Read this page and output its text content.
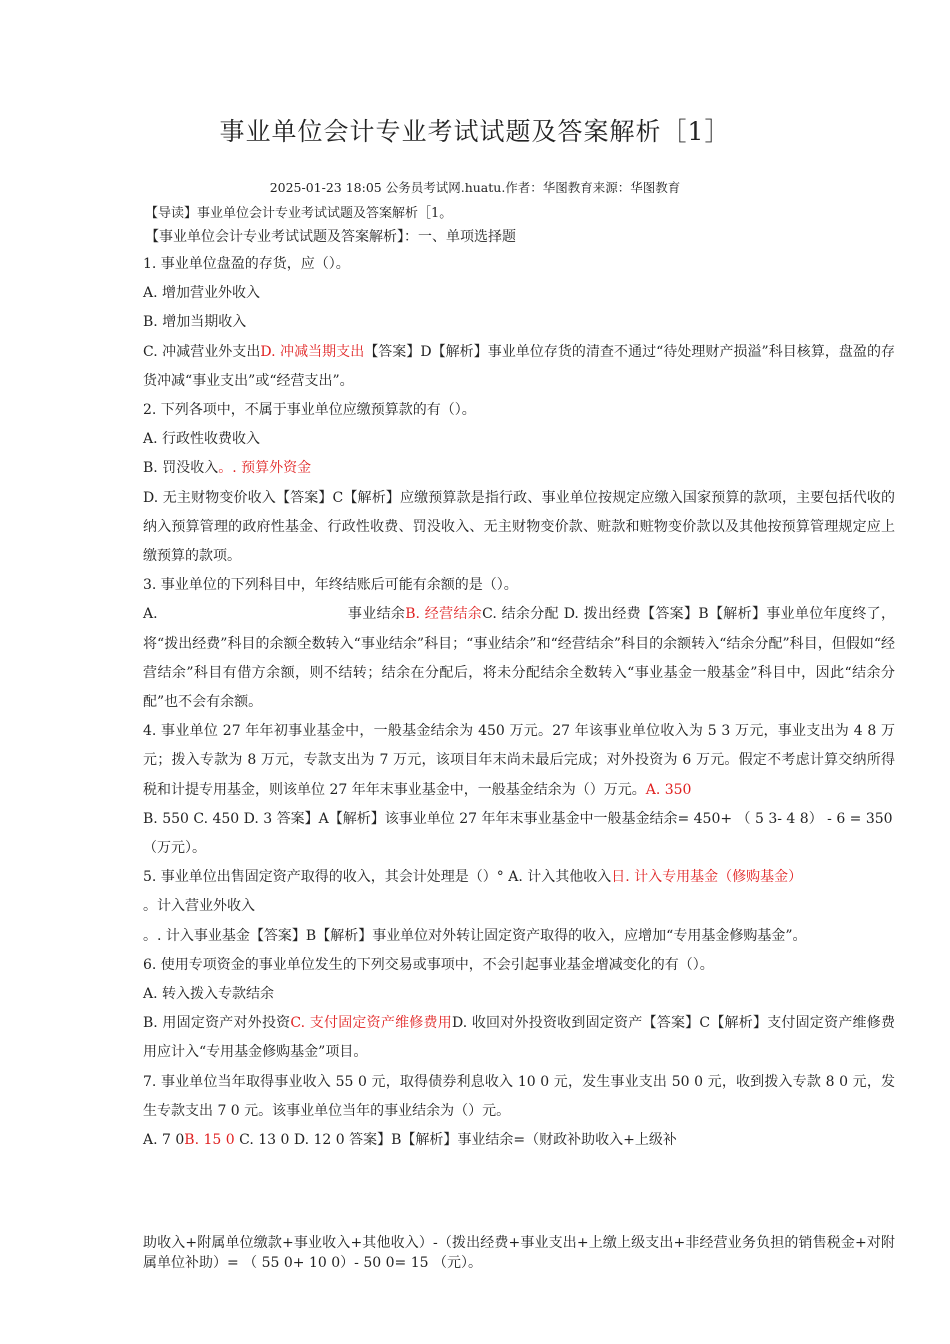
事业单位会计专业考试试题及答案解析［1］
2025-01-23 18:05 公务员考试网.huatu.作者：华图教育来源：华图教育
【导读】事业单位会计专业考试试题及答案解析［1。
【事业单位会计专业考试试题及答案解析】：一、单项选择题

1. 事业单位盘盈的存货，应（）。

A. 增加营业外收入

B. 增加当期收入

C. 冲减营业外支出D. 冲减当期支出【答案】D【解析】事业单位存货的清查不通过“待处理财产损溢”科目核算，盘盈的存货冲减“事业支出”或“经营支出”。

2. 下列各项中，不属于事业单位应缴预算款的有（）。

A. 行政性收费收入

B. 罚没收入。. 预算外资金

D. 无主财物变价收入【答案】C【解析】应缴预算款是指行政、事业单位按规定应缴入国家预算的款项，主要包括代收的纳入预算管理的政府性基金、行政性收费、罚没收入、无主财物变价款、赃款和赃物变价款以及其他按预算管理规定应上缴预算的款项。

3. 事业单位的下列科目中，年终结账后可能有余额的是（）。

A.	事业结余B. 经营结余C. 结余分配 D. 拨出经费【答案】B【解析】事业单位年度终了，将“拨出经费”科目的余额全数转入“事业结余”科目；“事业结余”和“经营结余”科目的余额转入“结余分配”科目，但假如“经营结余”科目有借方余额，则不结转；结余在分配后，将未分配结余全数转入“事业基金一般基金”科目中，因此“结余分配”也不会有余额。

4. 事业单位 27 年年初事业基金中，一般基金结余为 450 万元。27 年该事业单位收入为 5 3 万元，事业支出为 4 8 万元；拨入专款为 8 万元，专款支出为 7 万元，该项目年末尚未最后完成；对外投资为 6 万元。假定不考虑计算交纳所得税和计提专用基金，则该单位 27 年年末事业基金中，一般基金结余为（）万元。A. 350

B. 550 C. 450 D. 3 答案】A【解析】该事业单位 27 年年末事业基金中一般基金结余= 450+ （ 5 3- 4 8） - 6 = 350 （万元）。

5. 事业单位出售固定资产取得的收入，其会计处理是（）° A. 计入其他收入日. 计入专用基金（修购基金）

。计入营业外收入

。. 计入事业基金【答案】B【解析】事业单位对外转让固定资产取得的收入，应增加“专用基金修购基金”。

6. 使用专项资金的事业单位发生的下列交易或事项中，不会引起事业基金增减变化的有（）。

A. 转入拨入专款结余

B. 用固定资产对外投资C. 支付固定资产维修费用D. 收回对外投资收到固定资产【答案】C【解析】支付固定资产维修费用应计入“专用基金修购基金”项目。

7. 事业单位当年取得事业收入 55 0 元，取得债券利息收入 10 0 元，发生事业支出 50 0 元，收到拨入专款 8 0 元，发生专款支出 7 0 元。该事业单位当年的事业结余为（）元。

A. 7 0B. 15 0 C. 13 0 D. 12 0 答案】B【解析】事业结余=（财政补助收入+上级补

助收入+附属单位缴款+事业收入+其他收入）-（拨出经费+事业支出+上缴上级支出+非经营业务负担的销售税金+对附属单位补助）= （ 55 0+ 10 0）- 50 0= 15 （元）。
